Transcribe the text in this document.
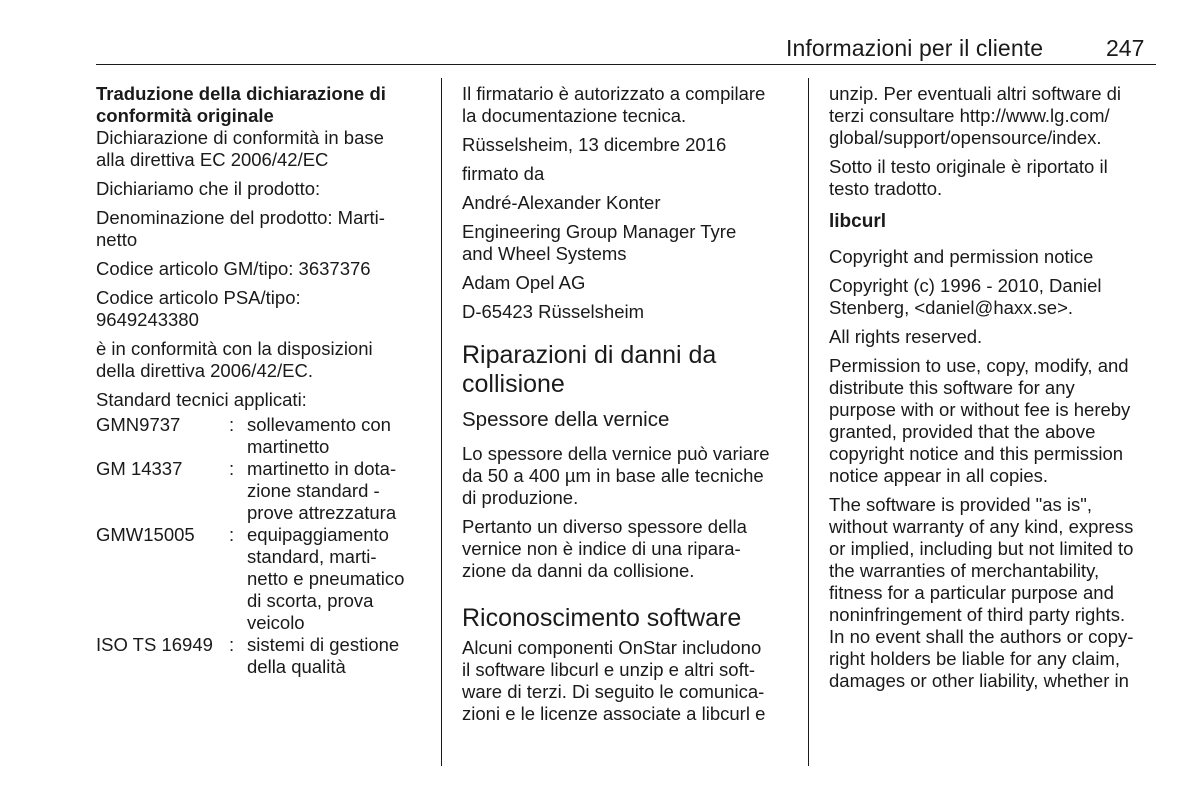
Informazioni per il cliente	247

Traduzione della dichiarazione di
conformità originale

Dichiarazione di conformità in base
alla direttiva EC 2006/42/EC

Dichiariamo che il prodotto:

Denominazione del prodotto: Marti-
netto

Codice articolo GM/tipo: 3637376

Codice articolo PSA/tipo:
9649243380

è in conformità con la disposizioni
della direttiva 2006/42/EC.

Standard tecnici applicati:

GMN9737	: sollevamento con
martinetto
GM 14337	: martinetto in dota-
zione standard -
prove attrezzatura
GMW15005	: equipaggiamento
standard, marti-
netto e pneumatico
di scorta, prova
veicolo
ISO TS 16949 : sistemi di gestione
della qualità

Il firmatario è autorizzato a compilare
la documentazione tecnica.

Rüsselsheim, 13 dicembre 2016

firmato da

André-Alexander Konter

Engineering Group Manager Tyre
and Wheel Systems

Adam Opel AG

D-65423 Rüsselsheim

Riparazioni di danni da
collisione

Spessore della vernice

Lo spessore della vernice può variare
da 50 a 400 µm in base alle tecniche
di produzione.

Pertanto un diverso spessore della
vernice non è indice di una ripara-
zione da danni da collisione.

Riconoscimento software

Alcuni componenti OnStar includono
il software libcurl e unzip e altri soft-
ware di terzi. Di seguito le comunica-
zioni e le licenze associate a libcurl e

unzip. Per eventuali altri software di
terzi consultare http://www.lg.com/
global/support/opensource/index.

Sotto il testo originale è riportato il
testo tradotto.

libcurl

Copyright and permission notice

Copyright (c) 1996 - 2010, Daniel
Stenberg, <daniel@haxx.se>.

All rights reserved.

Permission to use, copy, modify, and
distribute this software for any
purpose with or without fee is hereby
granted, provided that the above
copyright notice and this permission
notice appear in all copies.

The software is provided "as is",
without warranty of any kind, express
or implied, including but not limited to
the warranties of merchantability,
fitness for a particular purpose and
noninfringement of third party rights.
In no event shall the authors or copy-
right holders be liable for any claim,
damages or other liability, whether in
